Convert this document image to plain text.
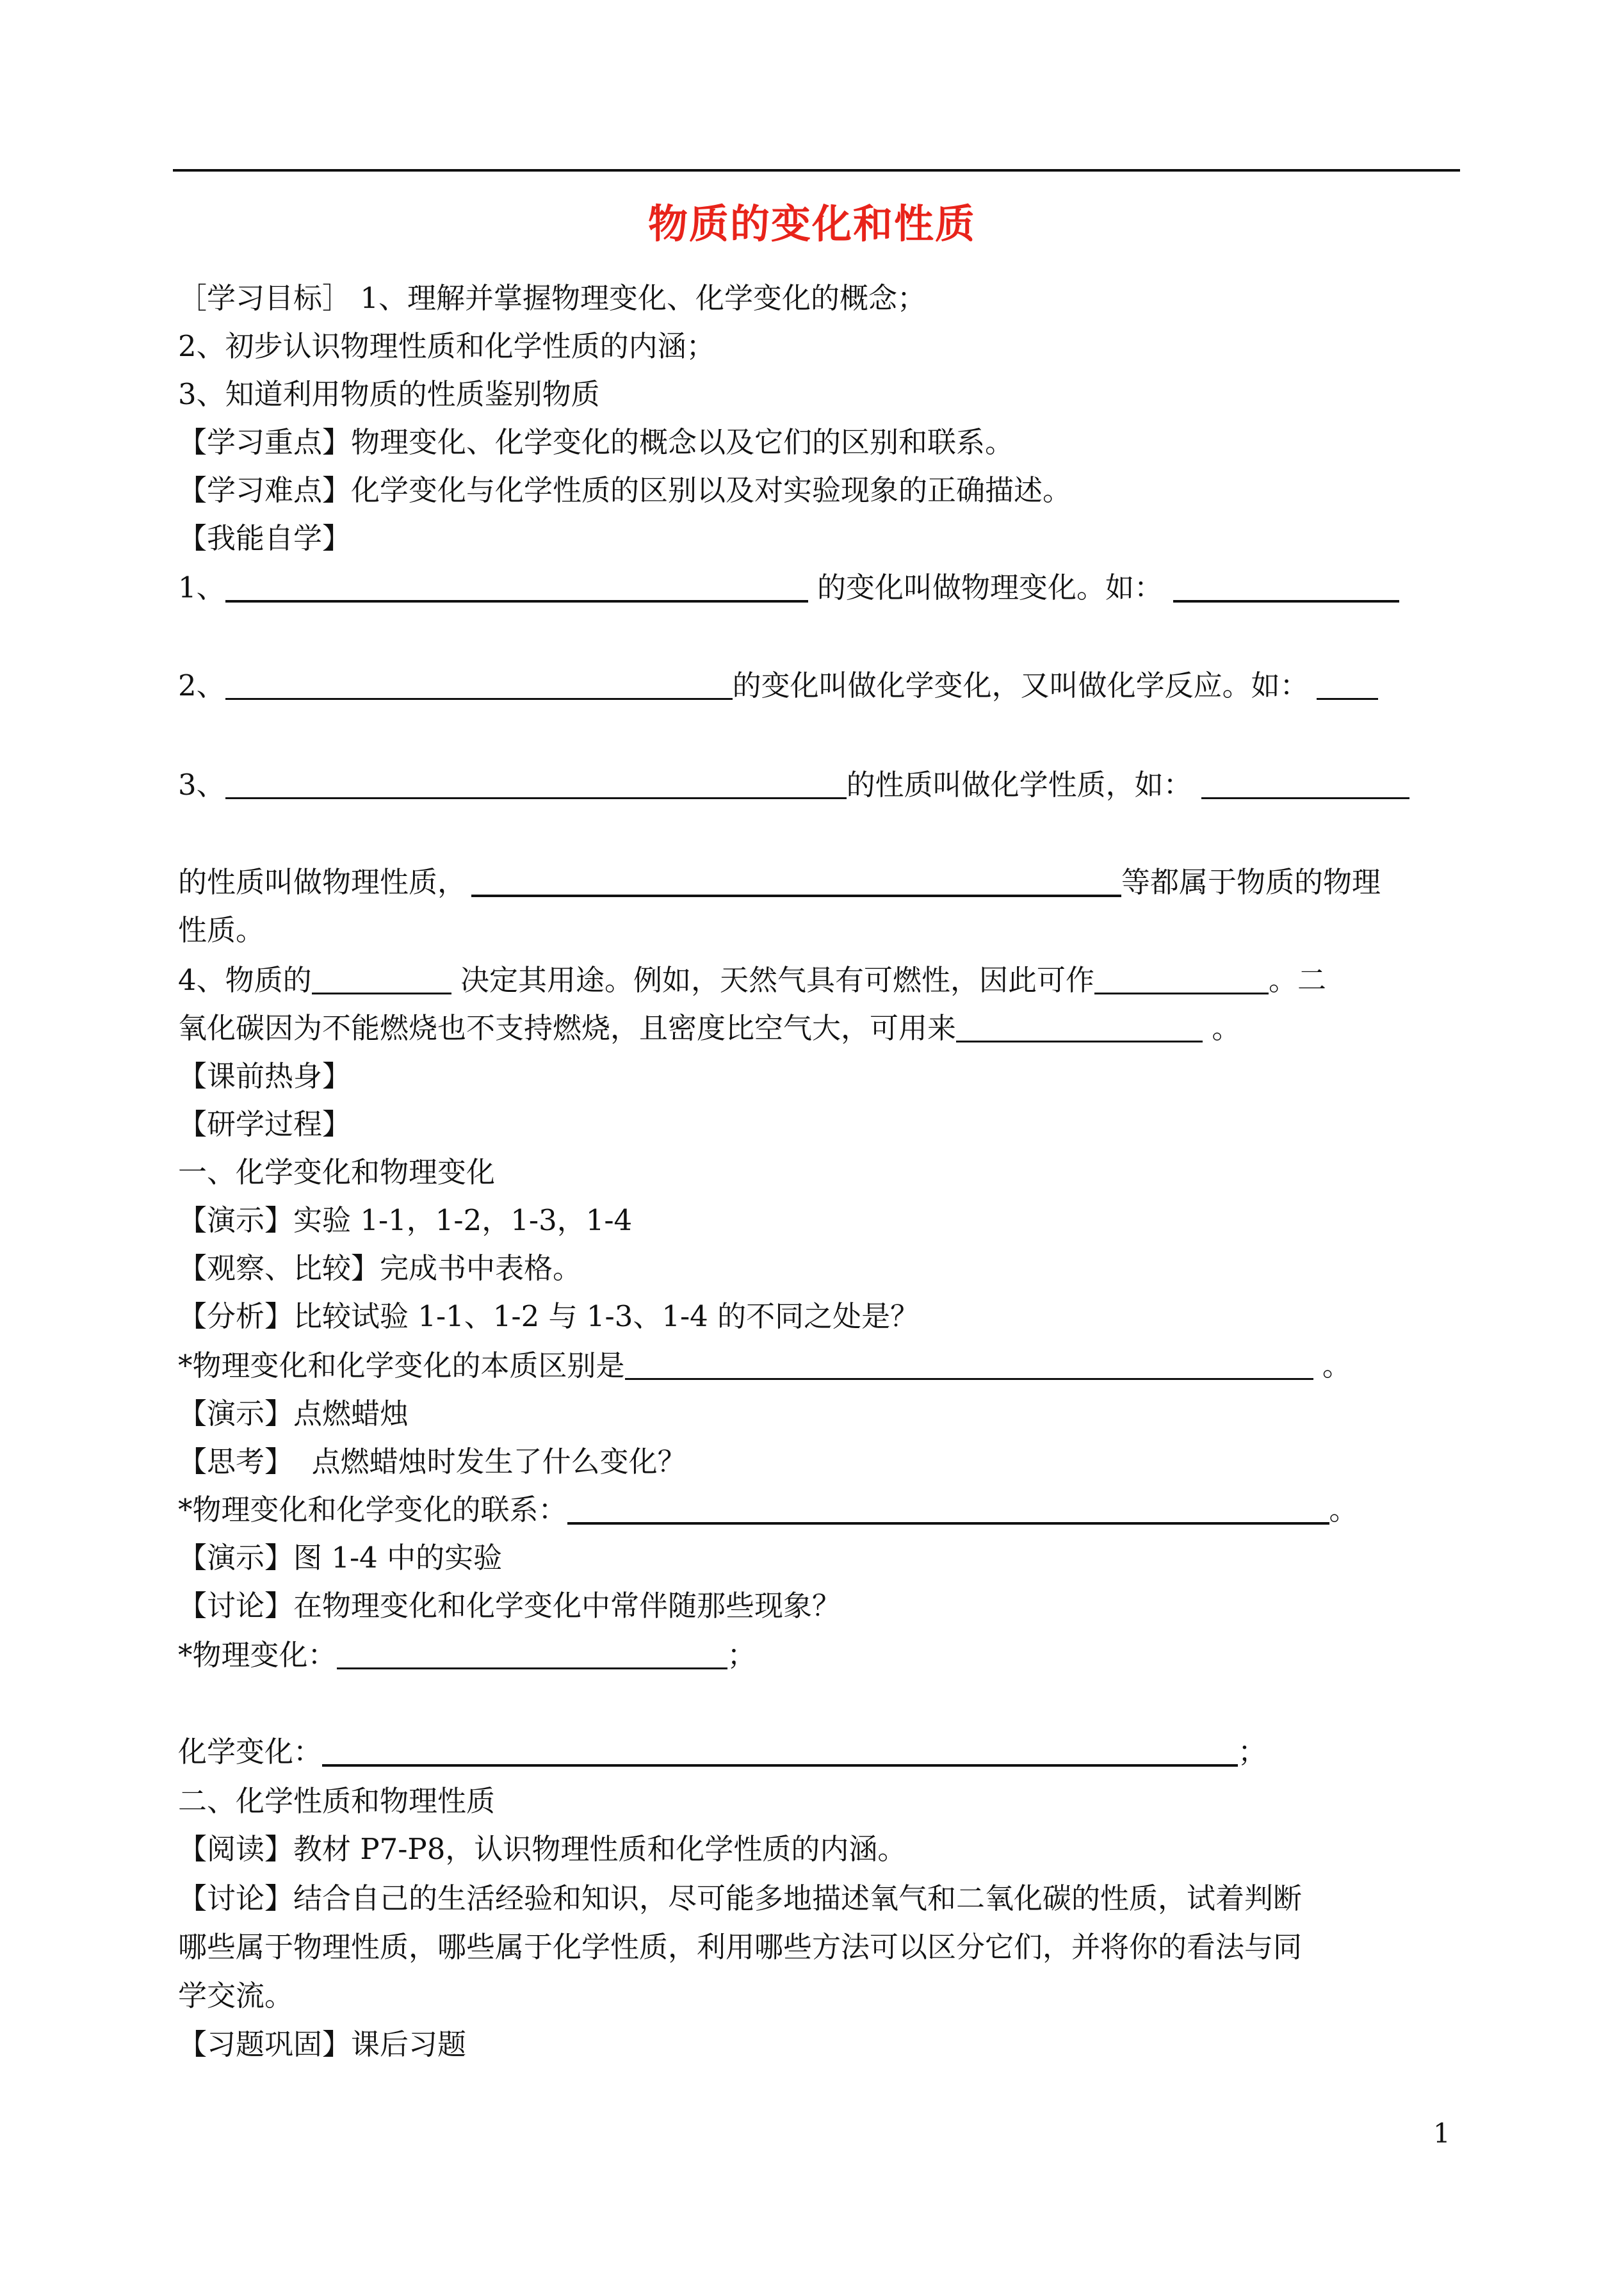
物质的变化和性质
［学习目标］ 1、理解并掌握物理变化、化学变化的概念；
2、初步认识物理性质和化学性质的内涵；
3、知道利用物质的性质鉴别物质
【学习重点】物理变化、化学变化的概念以及它们的区别和联系。
【学习难点】化学变化与化学性质的区别以及对实验现象的正确描述。
【我能自学】
1、	的变化叫做物理变化。如：
2、	的变化叫做化学变化，又叫做化学反应。如：
3、	的性质叫做化学性质，如：
的性质叫做物理性质，	等都属于物质的物理
性质。
4、物质的	决定其用途。例如，天然气具有可燃性，因此可作	。二
氧化碳因为不能燃烧也不支持燃烧，且密度比空气大，可用来	。
【课前热身】
【研学过程】
一、化学变化和物理变化
【演示】实验 1-1，1-2，1-3，1-4
【观察、比较】完成书中表格。
【分析】比较试验 1-1、1-2 与 1-3、1-4 的不同之处是？
*物理变化和化学变化的本质区别是	。
【演示】点燃蜡烛
【思考】  点燃蜡烛时发生了什么变化？
*物理变化和化学变化的联系：	。
【演示】图 1-4 中的实验
【讨论】在物理变化和化学变化中常伴随那些现象？
*物理变化：	；
化学变化：	；
二、化学性质和物理性质
【阅读】教材 P7-P8，认识物理性质和化学性质的内涵。
【讨论】结合自己的生活经验和知识，尽可能多地描述氧气和二氧化碳的性质，试着判断
哪些属于物理性质，哪些属于化学性质，利用哪些方法可以区分它们，并将你的看法与同
学交流。
【习题巩固】课后习题
1
